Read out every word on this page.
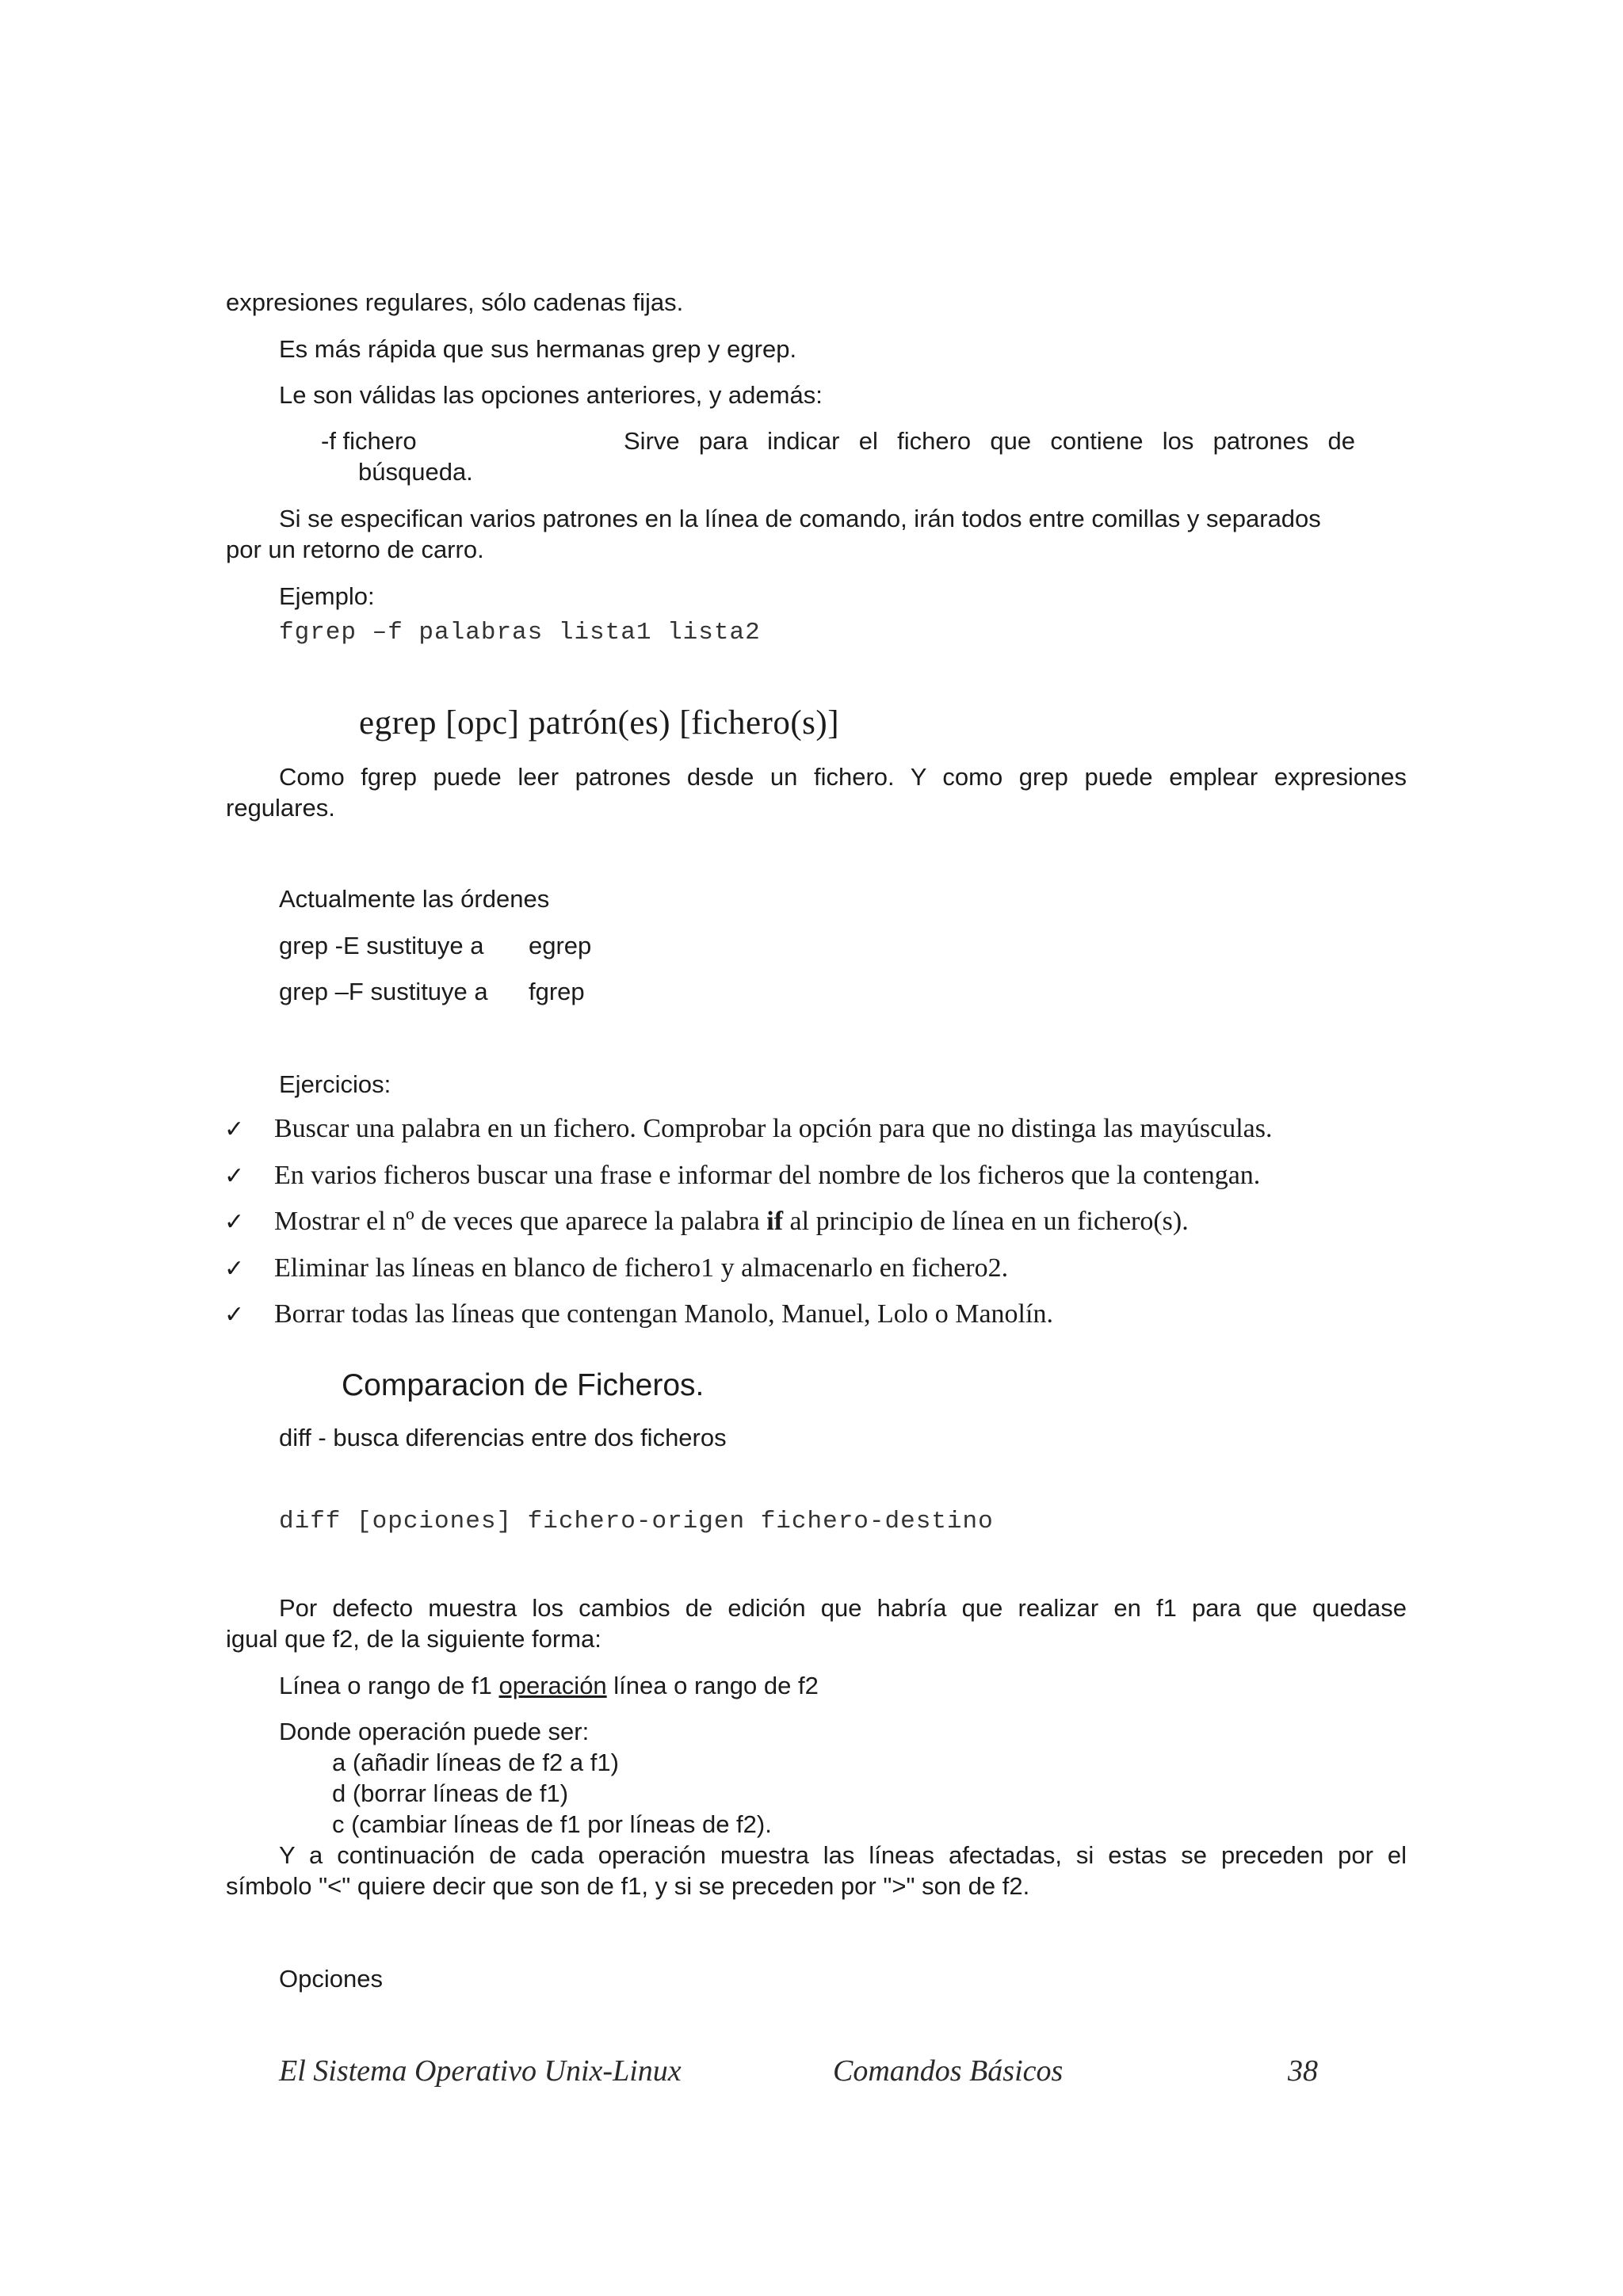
expresiones regulares, sólo cadenas fijas.
Es más rápida que sus hermanas grep y egrep.
Le son válidas las opciones anteriores, y además:
-f fichero	Sirve para indicar el fichero que contiene los patrones de
búsqueda.
Si se especifican varios patrones en la línea de comando, irán todos entre comillas y separados
por un retorno de carro.
Ejemplo:
fgrep –f palabras lista1 lista2
egrep [opc] patrón(es) [fichero(s)]
Como fgrep puede leer patrones desde un fichero. Y como grep puede emplear expresiones
regulares.
Actualmente las órdenes
grep -E sustituye a egrep
grep –F sustituye a fgrep
Ejercicios:
✓ Buscar una palabra en un fichero. Comprobar la opción para que no distinga las mayúsculas.
✓ En varios ficheros buscar una frase e informar del nombre de los ficheros que la contengan.
✓ Mostrar el nº de veces que aparece la palabra if al principio de línea en un fichero(s).
✓ Eliminar las líneas en blanco de fichero1 y almacenarlo en fichero2.
✓ Borrar todas las líneas que contengan Manolo, Manuel, Lolo o Manolín.
Comparacion de Ficheros.
diff - busca diferencias entre dos ficheros
diff [opciones] fichero-origen fichero-destino
Por defecto muestra los cambios de edición que habría que realizar en f1 para que quedase
igual que f2, de la siguiente forma:
Línea o rango de f1 operación línea o rango de f2
Donde operación puede ser:
a (añadir líneas de f2 a f1)
d (borrar líneas de f1)
c (cambiar líneas de f1 por líneas de f2).
Y a continuación de cada operación muestra las líneas afectadas, si estas se preceden por el
símbolo "<" quiere decir que son de f1, y si se preceden por ">" son de f2.
Opciones
El Sistema Operativo Unix-Linux	Comandos Básicos	38
